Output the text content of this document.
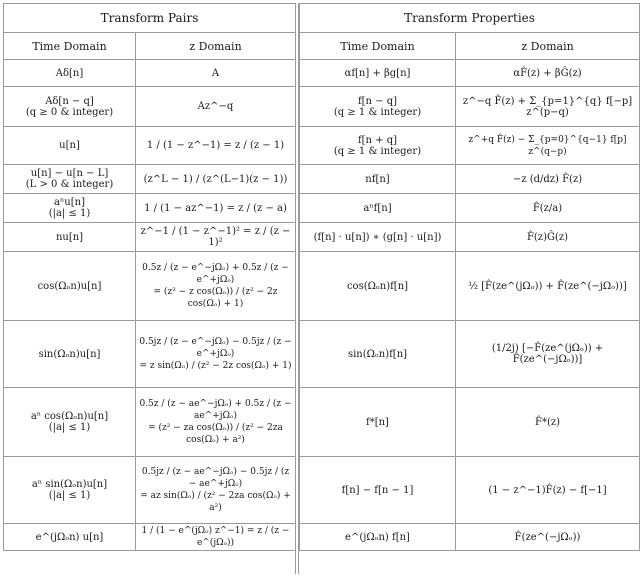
Transform Pairs	
Time Domain	z Domain
Aδ[n]	A
Aδ[n − q]
(q ≥ 0 & integer)	Az^−q
u[n]	1 / (1 − z^−1) = z / (z − 1)
u[n] − u[n − L]
(L > 0 & integer)	(z^L − 1) / (z^(L−1)(z − 1))
aⁿu[n]
(|a| ≤ 1)	1 / (1 − az^−1) = z / (z − a)
nu[n]	z^−1 / (1 − z^−1)² = z / (z − 1)²
cos(Ωₒn)u[n]	0.5z / (z − e^−jΩₒ) + 0.5z / (z − e^+jΩₒ)
= (z² − z cos(Ωₒ)) / (z² − 2z cos(Ωₒ) + 1)
sin(Ωₒn)u[n]	0.5jz / (z − e^−jΩₒ) − 0.5jz / (z − e^+jΩₒ)
= z sin(Ωₒ) / (z² − 2z cos(Ωₒ) + 1)
aⁿ cos(Ωₒn)u[n]
(|a| ≤ 1)	0.5z / (z − ae^−jΩₒ) + 0.5z / (z − ae^+jΩₒ)
= (z² − za cos(Ωₒ)) / (z² − 2za cos(Ωₒ) + a²)
aⁿ sin(Ωₒn)u[n]
(|a| ≤ 1)	0.5jz / (z − ae^−jΩₒ) − 0.5jz / (z − ae^+jΩₒ)
= az sin(Ωₒ) / (z² − 2za cos(Ωₒ) + a²)
e^(jΩₒn) u[n]	1 / (1 − e^(jΩₒ) z^−1) = z / (z − e^(jΩₒ))
Transform Properties	
Time Domain	z Domain
αf[n] + βg[n]	αF̂(z) + βĜ(z)
f[n − q]
(q ≥ 1 & integer)	z^−q F̂(z) + Σ_{p=1}^{q} f[−p] z^(p−q)
f[n + q]
(q ≥ 1 & integer)	z^+q F̂(z) − Σ_{p=0}^{q−1} f[p] z^(q−p)
nf[n]	−z (d/dz) F̂(z)
aⁿf[n]	F̂(z/a)
(f[n] · u[n]) ∗ (g[n] · u[n])	F̂(z)Ĝ(z)
cos(Ωₒn)f[n]	½ [F̂(ze^(jΩₒ)) + F̂(ze^(−jΩₒ))]
sin(Ωₒn)f[n]	(1/2j) [−F̂(ze^(jΩₒ)) + F̂(ze^(−jΩₒ))]
f*[n]	F̂*(z)
f[n] − f[n − 1]	(1 − z^−1)F̂(z) − f[−1]
e^(jΩₒn) f[n]	F̂(ze^(−jΩₒ))
